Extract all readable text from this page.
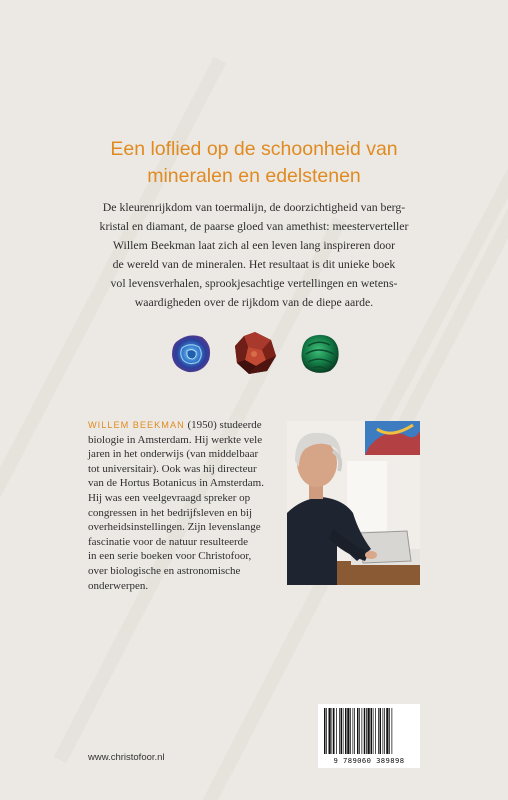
Een loflied op de schoonheid van
mineralen en edelstenen
De kleurenrijkdom van toermalijn, de doorzichtigheid van berg-
kristal en diamant, de paarse gloed van amethist: meesterverteller
Willem Beekman laat zich al een leven lang inspireren door
de wereld van de mineralen. Het resultaat is dit unieke boek
vol levensverhalen, sprookjesachtige vertellingen en wetens-
waardigheden over de rijkdom van de diepe aarde.
WILLEM BEEKMAN (1950) studeerde
biologie in Amsterdam. Hij werkte vele
jaren in het onderwijs (van middelbaar
tot universitair). Ook was hij directeur
van de Hortus Botanicus in Amsterdam.
Hij was een veelgevraagd spreker op
congressen in het bedrijfsleven en bij
overheidsinstellingen. Zijn levenslange
fascinatie voor de natuur resulteerde
in een serie boeken voor Christofoor,
over biologische en astronomische
onderwerpen.
www.christofoor.nl	9 789060 389898
